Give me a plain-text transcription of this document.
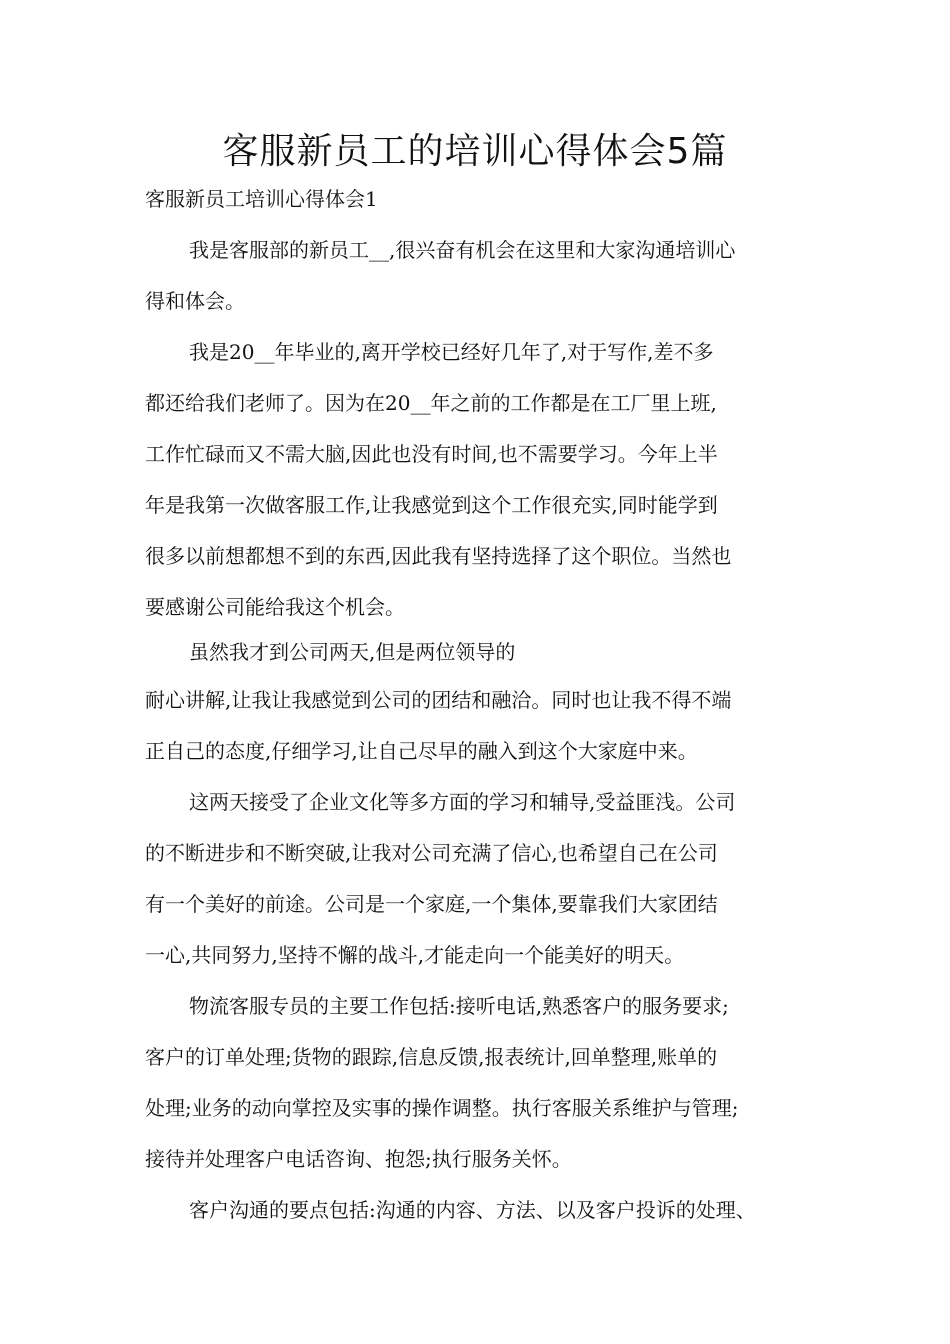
客服新员工的培训心得体会5篇

客服新员工培训心得体会1

我是客服部的新员工__,很兴奋有机会在这里和大家沟通培训心

得和体会。

我是20__年毕业的,离开学校已经好几年了,对于写作,差不多

都还给我们老师了。因为在20__年之前的工作都是在工厂里上班,

工作忙碌而又不需大脑,因此也没有时间,也不需要学习。今年上半

年是我第一次做客服工作,让我感觉到这个工作很充实,同时能学到

很多以前想都想不到的东西,因此我有坚持选择了这个职位。当然也

要感谢公司能给我这个机会。

虽然我才到公司两天,但是两位领导的

耐心讲解,让我让我感觉到公司的团结和融洽。同时也让我不得不端

正自己的态度,仔细学习,让自己尽早的融入到这个大家庭中来。

这两天接受了企业文化等多方面的学习和辅导,受益匪浅。公司

的不断进步和不断突破,让我对公司充满了信心,也希望自己在公司

有一个美好的前途。公司是一个家庭,一个集体,要靠我们大家团结

一心,共同努力,坚持不懈的战斗,才能走向一个能美好的明天。

物流客服专员的主要工作包括:接听电话,熟悉客户的服务要求;

客户的订单处理;货物的跟踪,信息反馈,报表统计,回单整理,账单的

处理;业务的动向掌控及实事的操作调整。执行客服关系维护与管理;

接待并处理客户电话咨询、抱怨;执行服务关怀。

客户沟通的要点包括:沟通的内容、方法、以及客户投诉的处理、
